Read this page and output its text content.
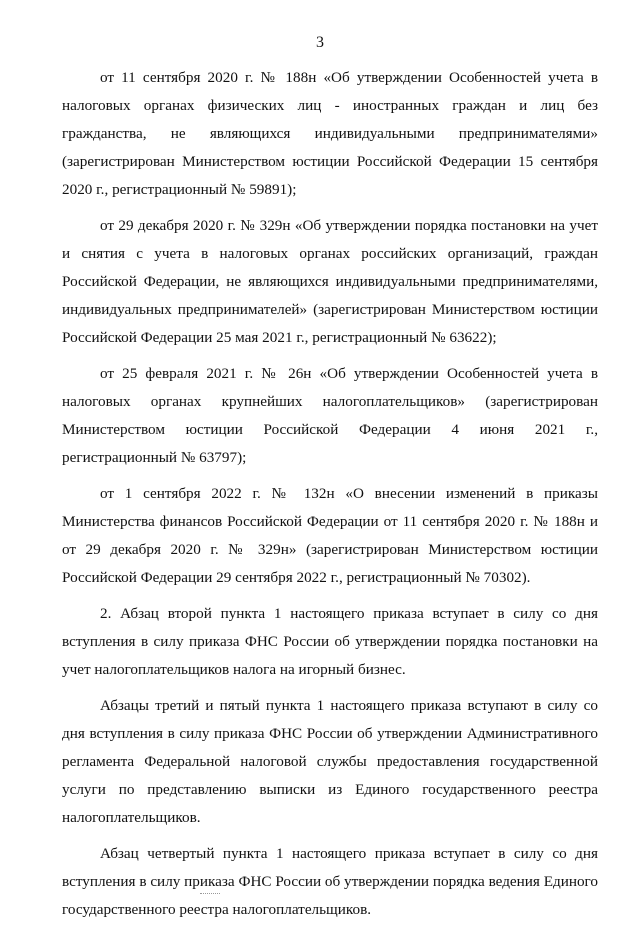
3

от 11 сентября 2020 г. № 188н «Об утверждении Особенностей учета в налоговых органах физических лиц - иностранных граждан и лиц без гражданства, не являющихся индивидуальными предпринимателями» (зарегистрирован Министерством юстиции Российской Федерации 15 сентября 2020 г., регистрационный № 59891);

от 29 декабря 2020 г. № 329н «Об утверждении порядка постановки на учет и снятия с учета в налоговых органах российских организаций, граждан Российской Федерации, не являющихся индивидуальными предпринимателями, индивидуальных предпринимателей» (зарегистрирован Министерством юстиции Российской Федерации 25 мая 2021 г., регистрационный № 63622);

от 25 февраля 2021 г. № 26н «Об утверждении Особенностей учета в налоговых органах крупнейших налогоплательщиков» (зарегистрирован Министерством юстиции Российской Федерации 4 июня 2021 г., регистрационный № 63797);

от 1 сентября 2022 г. № 132н «О внесении изменений в приказы Министерства финансов Российской Федерации от 11 сентября 2020 г. № 188н и от 29 декабря 2020 г. № 329н» (зарегистрирован Министерством юстиции Российской Федерации 29 сентября 2022 г., регистрационный № 70302).

2. Абзац второй пункта 1 настоящего приказа вступает в силу со дня вступления в силу приказа ФНС России об утверждении порядка постановки на учет налогоплательщиков налога на игорный бизнес.

Абзацы третий и пятый пункта 1 настоящего приказа вступают в силу со дня вступления в силу приказа ФНС России об утверждении Административного регламента Федеральной налоговой службы предоставления государственной услуги по представлению выписки из Единого государственного реестра налогоплательщиков.

Абзац четвертый пункта 1 настоящего приказа вступает в силу со дня вступления в силу приказа ФНС России об утверждении порядка ведения Единого государственного реестра налогоплательщиков.
